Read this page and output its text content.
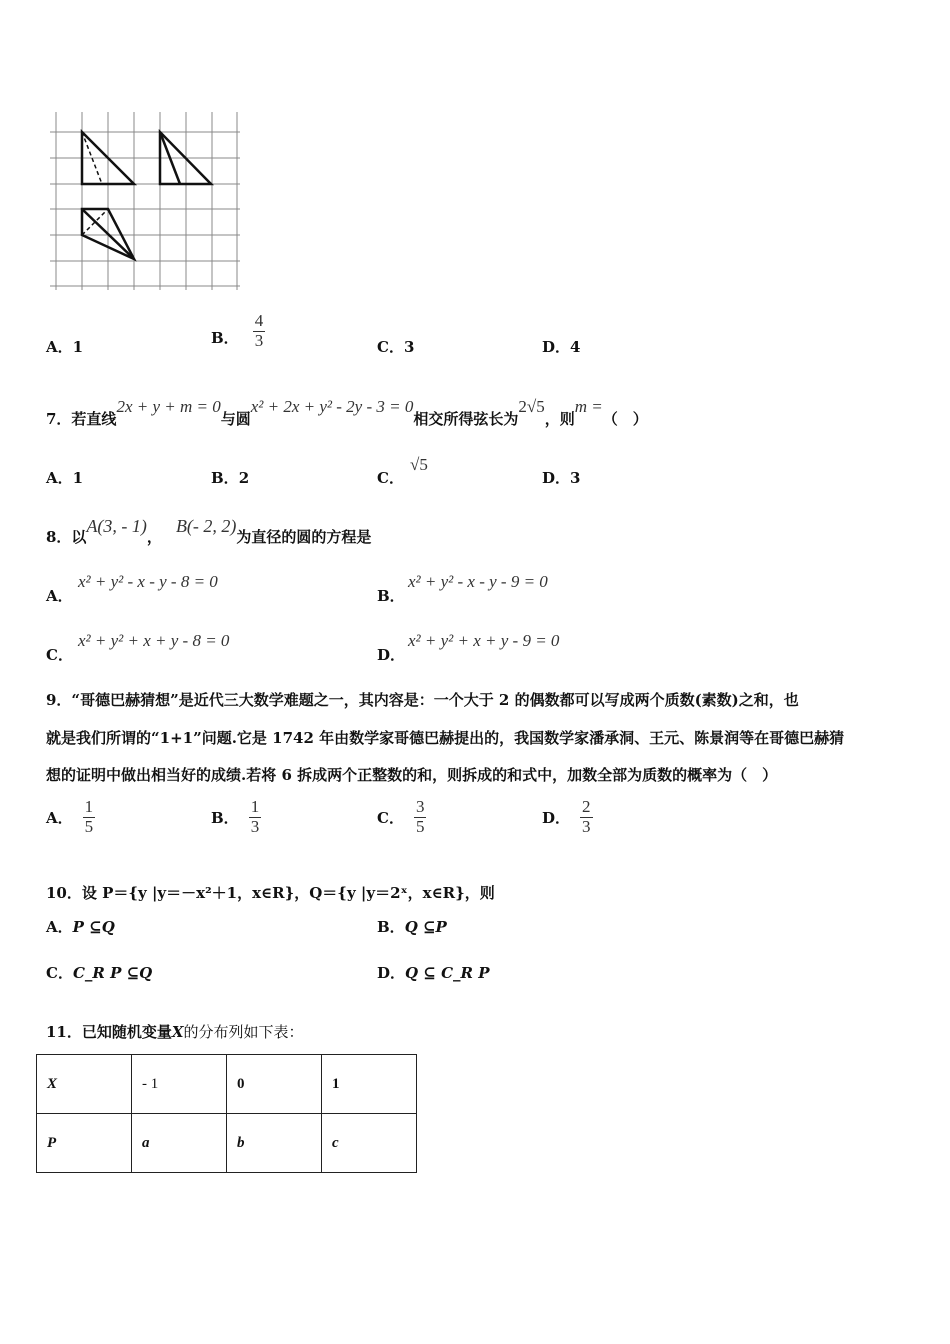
A．1	B． $\frac{4}{3}$	C．3	D．4
7．若直线2x + y + m = 0与圆x² + 2x + y² - 2y - 3 = 0相交所得弦长为2√5，则m =（　）
A．1	B．2	C．
√5
D．3
8．以A(3, - 1)，B(- 2, 2)为直径的圆的方程是
A．
x² + y² - x - y - 8 = 0
B．
x² + y² - x - y - 9 = 0
C．
x² + y² + x + y - 8 = 0
D．
x² + y² + x + y - 9 = 0
9．“哥德巴赫猜想”是近代三大数学难题之一，其内容是：一个大于 2 的偶数都可以写成两个质数(素数)之和，也
就是我们所谓的“1+1”问题.它是 1742 年由数学家哥德巴赫提出的，我国数学家潘承洞、王元、陈景润等在哥德巴赫猜
想的证明中做出相当好的成绩.若将 6 拆成两个正整数的和，则拆成的和式中，加数全部为质数的概率为（　）
A． $\frac{1}{5}$	B． $\frac{1}{3}$	C． $\frac{3}{5}$	D． $\frac{2}{3}$
10．设 P＝{y |y＝－x²＋1，x∈R}，Q＝{y |y＝2ˣ，x∈R}，则
A．P ⊆Q	B．Q ⊆P
C．C_R P ⊆Q	D．Q ⊆ C_R P
11．已知随机变量X的分布列如下表：
X	- 1	0	1
P	a	b	c
